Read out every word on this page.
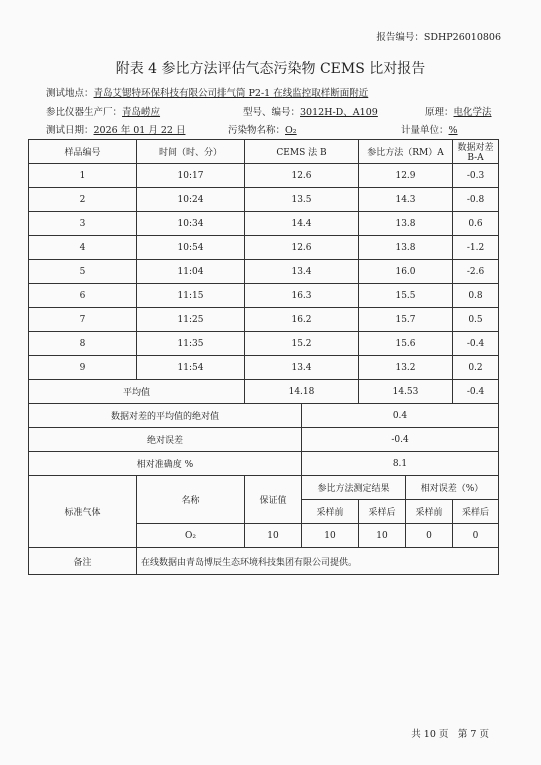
报告编号：SDHP26010806
附表 4 参比方法评估气态污染物 CEMS 比对报告
测试地点：青岛艾锶特环保科技有限公司排气筒 P2-1 在线监控取样断面附近
参比仪器生产厂：青岛崂应	型号、编号：3012H-D、A109	原理：电化学法
测试日期：2026 年 01 月 22 日	污染物名称：O₂	计量单位：%
样品编号	时间（时、分）	CEMS 法 B		参比方法（RM）A		数据对差 B-A
1	10:17	12.6		12.9		-0.3
2	10:24	13.5		14.3		-0.8
3	10:34	14.4		13.8		0.6
4	10:54	12.6		13.8		-1.2
5	11:04	13.4		16.0		-2.6
6	11:15	16.3		15.5		0.8
7	11:25	16.2		15.7		0.5
8	11:35	15.2		15.6		-0.4
9	11:54	13.4		13.2		0.2
平均值		14.18		14.53		-0.4
数据对差的平均值的绝对值			0.4			
绝对误差			-0.4			
相对准确度 %			8.1			
标准气体	名称	保证值	参比方法测定结果		相对误差（%）	
			采样前	采样后	采样前	采样后
	O₂	10	10	10	0	0
备注	在线数据由青岛博辰生态环境科技集团有限公司提供。					
共 10 页　第 7 页
